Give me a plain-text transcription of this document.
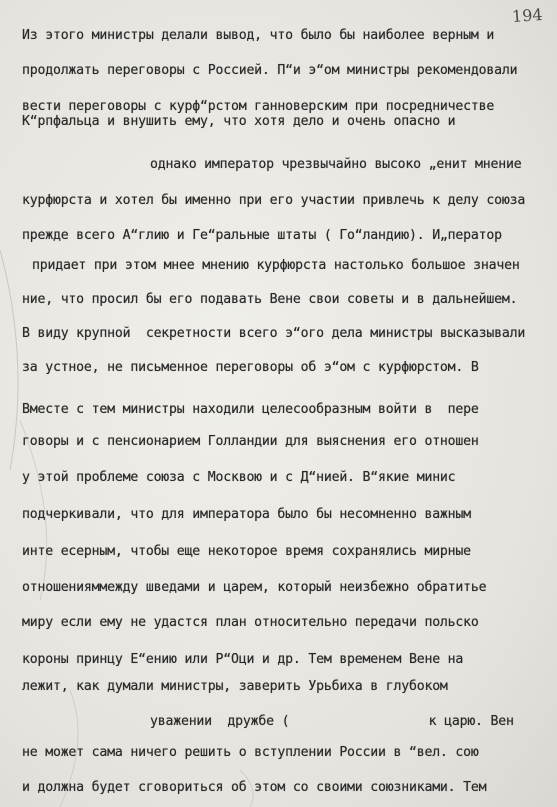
194
Из этого министры делали вывод, что было бы наиболее верным и
продолжать переговоры с Россией. П“и э“ом министры рекомендовали
вести переговоры с курф“рстом ганноверским при посредничестве
К“рпфальца и внушить ему, что хотя дело и очень опасно и
однако император чрезвычайно высоко „енит мнение
курфюрста и хотел бы именно при его участии привлечь к делу союза
прежде всего А“глию и Ге“ральные штаты ( Го“ландию). И„ператор
придает при этом мнее мнению курфюрста настолько большое значен
ние, что просил бы его подавать Вене свои советы и в дальнейшем.
В виду крупной  секретности всего э“ого дела министры высказывали
за устное, не письменное переговоры об э“ом с курфюрстом. В
Вместе с тем министры находили целесообразным войти в  пере
говоры и с пенсионарием Голландии для выяснения его отношен
у этой проблеме союза с Москвою и с Д“нией. В“якие минис
подчеркивали, что для императора было бы несомненно важным
инте есерным, чтобы еще некоторое время сохранялись мирные
отношенияммежду шведами и царем, который неизбежно обратитье
миру если ему не удастся план относительно передачи польско
короны принцу Е“ению или Р“Оци и др. Тем временем Вене на
лежит, как думали министры, заверить Урьбиха в глубоком
уважении  дружбе (                  к царю. Вен
не может сама ничего решить о вступлении России в “вел. сою
и должна будет сговориться об этом со своими союзниками. Тем
